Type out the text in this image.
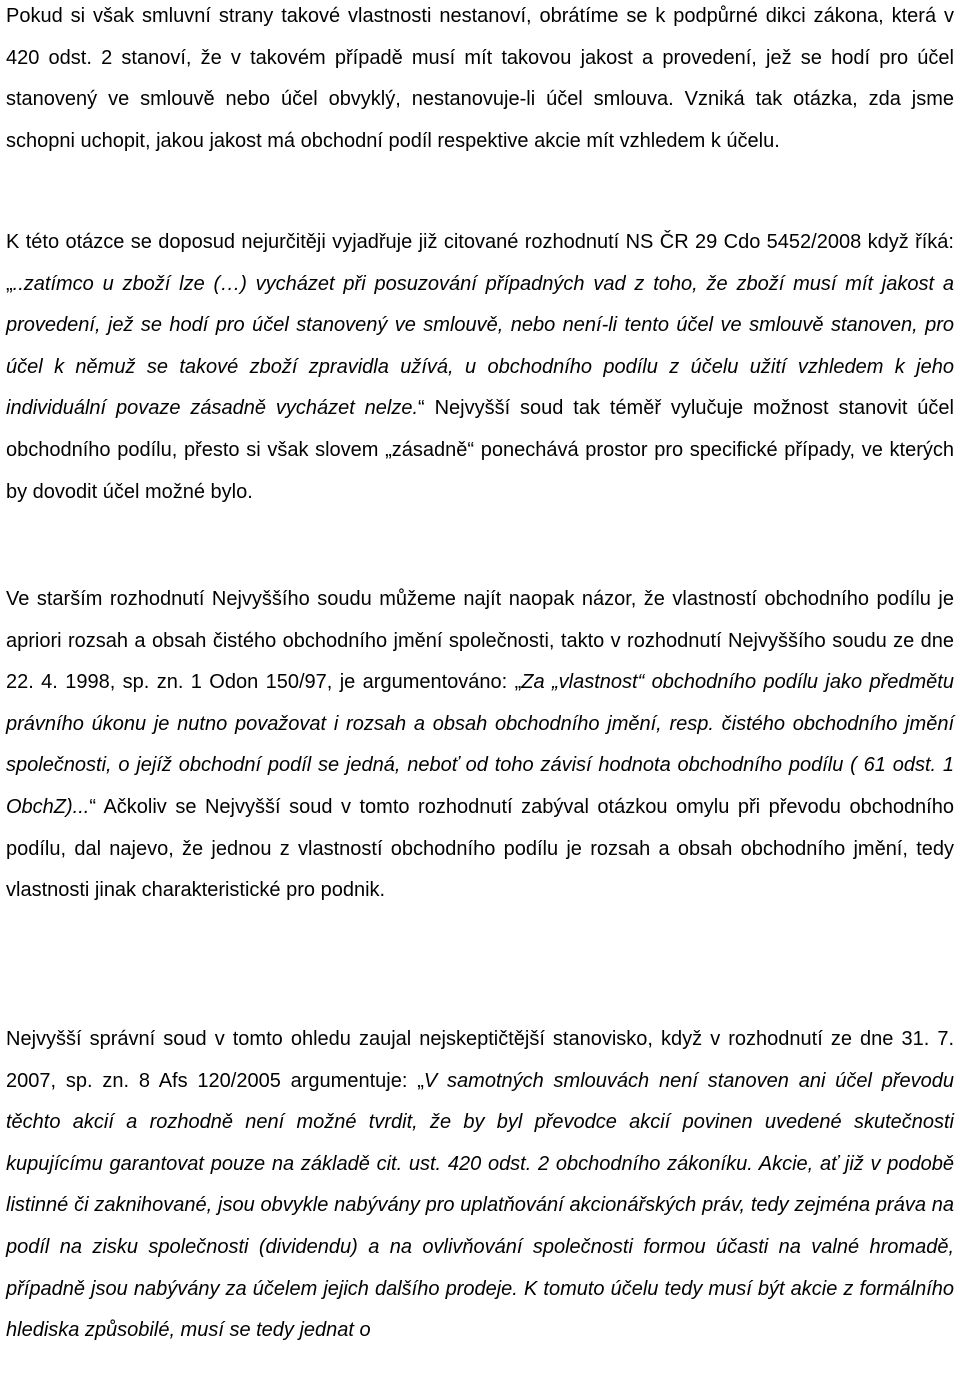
Pokud si však smluvní strany takové vlastnosti nestanoví, obrátíme se k podpůrné dikci zákona, která v 420 odst. 2 stanoví, že v takovém případě musí mít takovou jakost a provedení, jež se hodí pro účel stanovený ve smlouvě nebo účel obvyklý, nestanovuje-li účel smlouva. Vzniká tak otázka, zda jsme schopni uchopit, jakou jakost má obchodní podíl respektive akcie mít vzhledem k účelu.

K této otázce se doposud nejurčitěji vyjadřuje již citované rozhodnutí NS ČR 29 Cdo 5452/2008 když říká: „..zatímco u zboží lze (…) vycházet při posuzování případných vad z toho, že zboží musí mít jakost a provedení, jež se hodí pro účel stanovený ve smlouvě, nebo není-li tento účel ve smlouvě stanoven, pro účel k němuž se takové zboží zpravidla užívá, u obchodního podílu z účelu užití vzhledem k jeho individuální povaze zásadně vycházet nelze.“ Nejvyšší soud tak téměř vylučuje možnost stanovit účel obchodního podílu, přesto si však slovem „zásadně“ ponechává prostor pro specifické případy, ve kterých by dovodit účel možné bylo.

Ve starším rozhodnutí Nejvyššího soudu můžeme najít naopak názor, že vlastností obchodního podílu je apriori rozsah a obsah čistého obchodního jmění společnosti, takto v rozhodnutí Nejvyššího soudu ze dne 22. 4. 1998, sp. zn. 1 Odon 150/97, je argumentováno: „Za „vlastnost“ obchodního podílu jako předmětu právního úkonu je nutno považovat i rozsah a obsah obchodního jmění, resp. čistého obchodního jmění společnosti, o jejíž obchodní podíl se jedná, neboť od toho závisí hodnota obchodního podílu ( 61 odst. 1 ObchZ)...“ Ačkoliv se Nejvyšší soud v tomto rozhodnutí zabýval otázkou omylu při převodu obchodního podílu, dal najevo, že jednou z vlastností obchodního podílu je rozsah a obsah obchodního jmění, tedy vlastnosti jinak charakteristické pro podnik.

Nejvyšší správní soud v tomto ohledu zaujal nejskeptičtější stanovisko, když v rozhodnutí ze dne 31. 7. 2007, sp. zn. 8 Afs 120/2005 argumentuje: „V samotných smlouvách není stanoven ani účel převodu těchto akcií a rozhodně není možné tvrdit, že by byl převodce akcií povinen uvedené skutečnosti kupujícímu garantovat pouze na základě cit. ust. 420 odst. 2 obchodního zákoníku. Akcie, ať již v podobě listinné či zaknihované, jsou obvykle nabývány pro uplatňování akcionářských práv, tedy zejména práva na podíl na zisku společnosti (dividendu) a na ovlivňování společnosti formou účasti na valné hromadě, případně jsou nabývány za účelem jejich dalšího prodeje. K tomuto účelu tedy musí být akcie z formálního hlediska způsobilé, musí se tedy jednat o
